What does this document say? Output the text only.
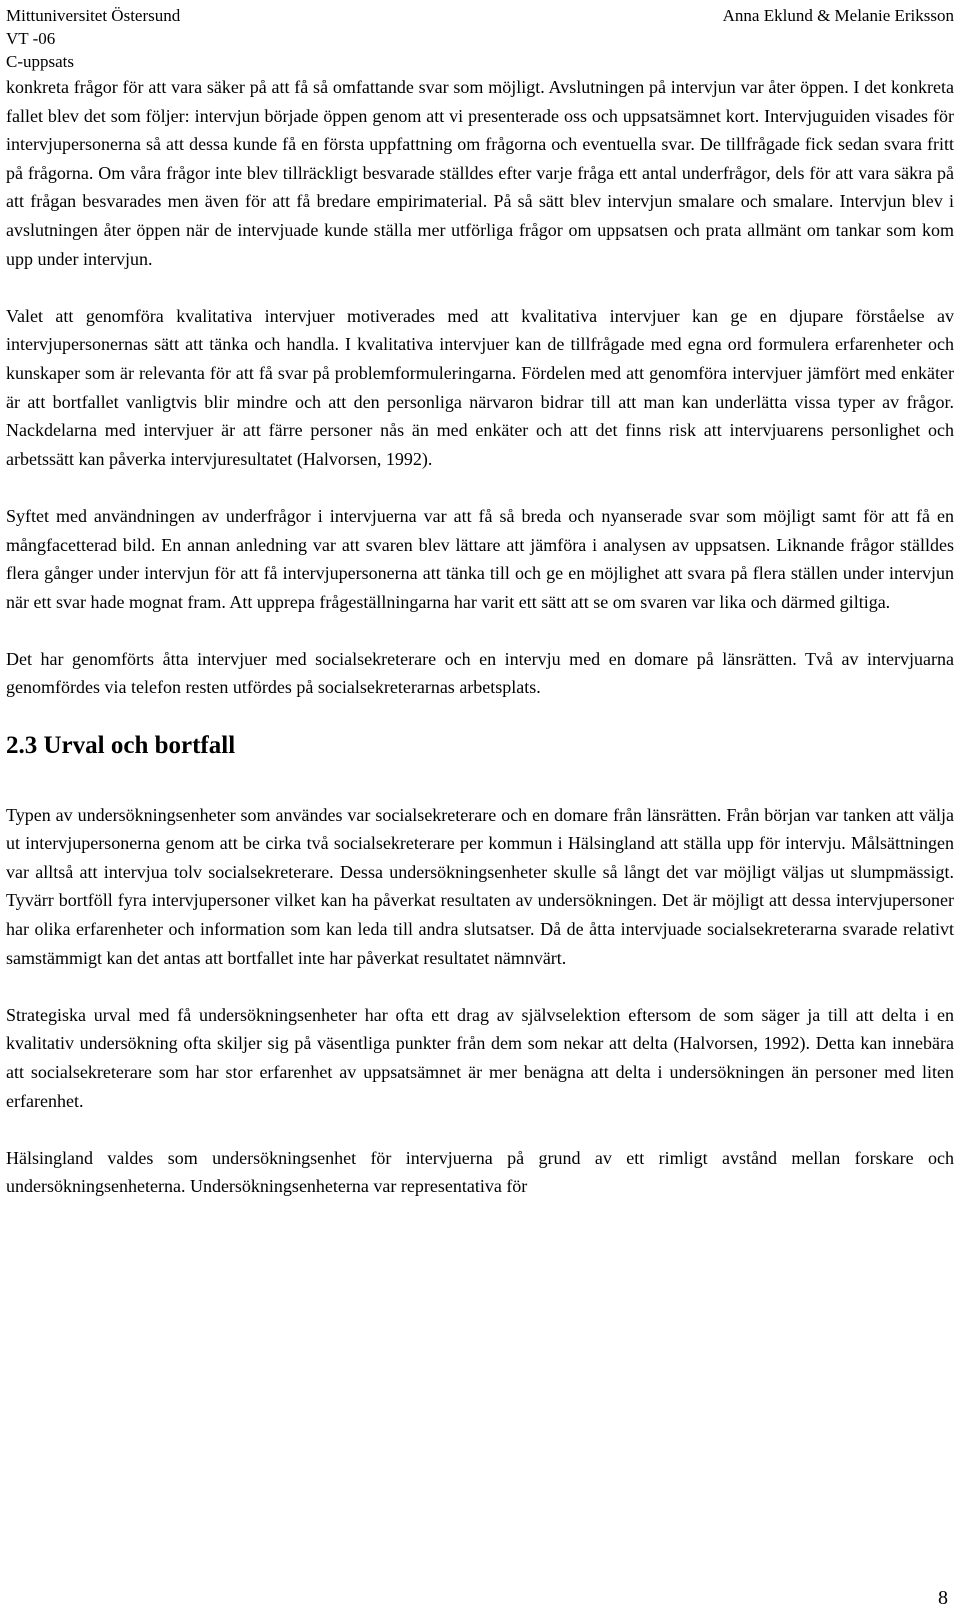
Mittuniversitet Östersund	Anna Eklund & Melanie Eriksson
VT -06
C-uppsats

konkreta frågor för att vara säker på att få så omfattande svar som möjligt. Avslutningen på intervjun var åter öppen. I det konkreta fallet blev det som följer: intervjun började öppen genom att vi presenterade oss och uppsatsämnet kort. Intervjuguiden visades för intervjupersonerna så att dessa kunde få en första uppfattning om frågorna och eventuella svar. De tillfrågade fick sedan svara fritt på frågorna. Om våra frågor inte blev tillräckligt besvarade ställdes efter varje fråga ett antal underfrågor, dels för att vara säkra på att frågan besvarades men även för att få bredare empirimaterial. På så sätt blev intervjun smalare och smalare. Intervjun blev i avslutningen åter öppen när de intervjuade kunde ställa mer utförliga frågor om uppsatsen och prata allmänt om tankar som kom upp under intervjun.

Valet att genomföra kvalitativa intervjuer motiverades med att kvalitativa intervjuer kan ge en djupare förståelse av intervjupersonernas sätt att tänka och handla. I kvalitativa intervjuer kan de tillfrågade med egna ord formulera erfarenheter och kunskaper som är relevanta för att få svar på problemformuleringarna. Fördelen med att genomföra intervjuer jämfört med enkäter är att bortfallet vanligtvis blir mindre och att den personliga närvaron bidrar till att man kan underlätta vissa typer av frågor. Nackdelarna med intervjuer är att färre personer nås än med enkäter och att det finns risk att intervjuarens personlighet och arbetssätt kan påverka intervjuresultatet (Halvorsen, 1992).

Syftet med användningen av underfrågor i intervjuerna var att få så breda och nyanserade svar som möjligt samt för att få en mångfacetterad bild. En annan anledning var att svaren blev lättare att jämföra i analysen av uppsatsen. Liknande frågor ställdes flera gånger under intervjun för att få intervjupersonerna att tänka till och ge en möjlighet att svara på flera ställen under intervjun när ett svar hade mognat fram. Att upprepa frågeställningarna har varit ett sätt att se om svaren var lika och därmed giltiga.

Det har genomförts åtta intervjuer med socialsekreterare och en intervju med en domare på länsrätten. Två av intervjuarna genomfördes via telefon resten utfördes på socialsekreterarnas arbetsplats.

2.3 Urval och bortfall

Typen av undersökningsenheter som användes var socialsekreterare och en domare från länsrätten. Från början var tanken att välja ut intervjupersonerna genom att be cirka två socialsekreterare per kommun i Hälsingland att ställa upp för intervju. Målsättningen var alltså att intervjua tolv socialsekreterare. Dessa undersökningsenheter skulle så långt det var möjligt väljas ut slumpmässigt. Tyvärr bortföll fyra intervjupersoner vilket kan ha påverkat resultaten av undersökningen. Det är möjligt att dessa intervjupersoner har olika erfarenheter och information som kan leda till andra slutsatser. Då de åtta intervjuade socialsekreterarna svarade relativt samstämmigt kan det antas att bortfallet inte har påverkat resultatet nämnvärt.

Strategiska urval med få undersökningsenheter har ofta ett drag av självselektion eftersom de som säger ja till att delta i en kvalitativ undersökning ofta skiljer sig på väsentliga punkter från dem som nekar att delta (Halvorsen, 1992). Detta kan innebära att socialsekreterare som har stor erfarenhet av uppsatsämnet är mer benägna att delta i undersökningen än personer med liten erfarenhet.

Hälsingland valdes som undersökningsenhet för intervjuerna på grund av ett rimligt avstånd mellan forskare och undersökningsenheterna. Undersökningsenheterna var representativa för

8
